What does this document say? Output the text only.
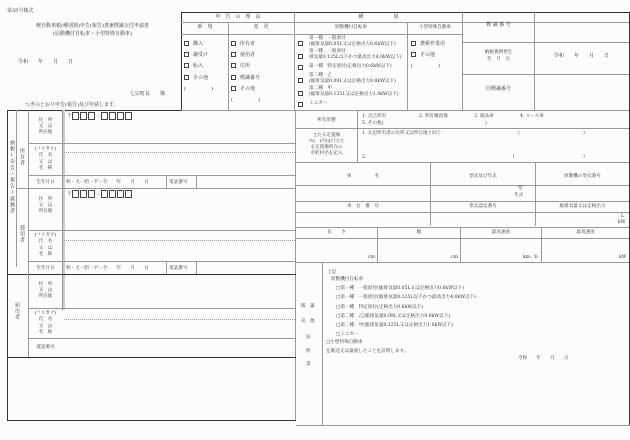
第35号様式
軽自動車税(種別割)申告(報告)書兼標識交付申請書
(原動機付自転車・小型特殊自動車)
令和　　年　　月　　日
七宗町長　　様
つぎのとおり申告(報告)及び申請します。
申　告　の　理　由
新　規	変　更
購入
譲受け
転入
その他
(　　　　　)
所有者
使用者
住所
標識番号
その他
(　　　　　)
種　　　　　　別
原動機付自転車	小型特殊自動車
第一種　一般原付
(総排気量0.05L又は定格出力0.6kW以下)
第一種　一般原付
排気量0.125L以下かつ最高出力4.0kW以下)
第一種　特定原付(定格出力0.6kW以下)
第二種　乙
(総排気量0.09L又は定格出力0.8kW以下)
第二種　甲
(総排気量0.125L又は定格出力1.0kW以下)
ミニカー
農耕作業用
その他
(　　　　　)
標 識 番 号
納税義務発生
年　月　日
令和　　年　　月　　日
旧標識番号
納税(申告・報告)義務者 所有者
住　所
又　は
所在地
〒	-
(フリガナ)
氏　名
又　は
名　称
生年月日	明・大・昭・平・令　　年　　月　　日	電話番号
使用者
住　所
又　は
所在地
〒	-
(フリガナ)
氏　名
又　は
名　称
生年月日	明・大・昭・平・令　　年　　月　　日	電話番号
届出者
住　所
又　は
所在地
(フリガナ)
氏　名
又　は
名　称
電話番号
所有形態
1. 自己所有	2. 所有権留保	3. 商品車	4. リース車
5. その他(	)
主たる定置場
※(　)内は㈩主た
る定置場所在の
市町村名を記入
1. 左記所有者の住所又は所在地と同じ	(	)
2.	(	)
車　　　　　名	型式及び年式	原動機の型式番号
型
年式
車　台　番　号	型式認定番号	総排気量又は定格出力
L
kW
長　　さ	幅	最高速度	最高速度
cm	cm	km／h	kW
販 譲
売 渡
証
明
書
上記
原動機付自転車
□第一種　一般原付(総排気量0.05L又は定格出力0.6kW以下)
□第一種　一般原付(総排気量0.125L以下かつ最高出力4.0kW以下)
□第一種　特定原付(定格出力0.6kW以下)
□第二種　乙(総排気量0.09L又は定格出力0.8kW以下)
□第二種　甲(総排気量0.125L又は定格出力1.0kW以下)
□ミニカー
□小型特殊自動車
を販売又は譲渡したことを証明します。
令和　　年　　月　　日
